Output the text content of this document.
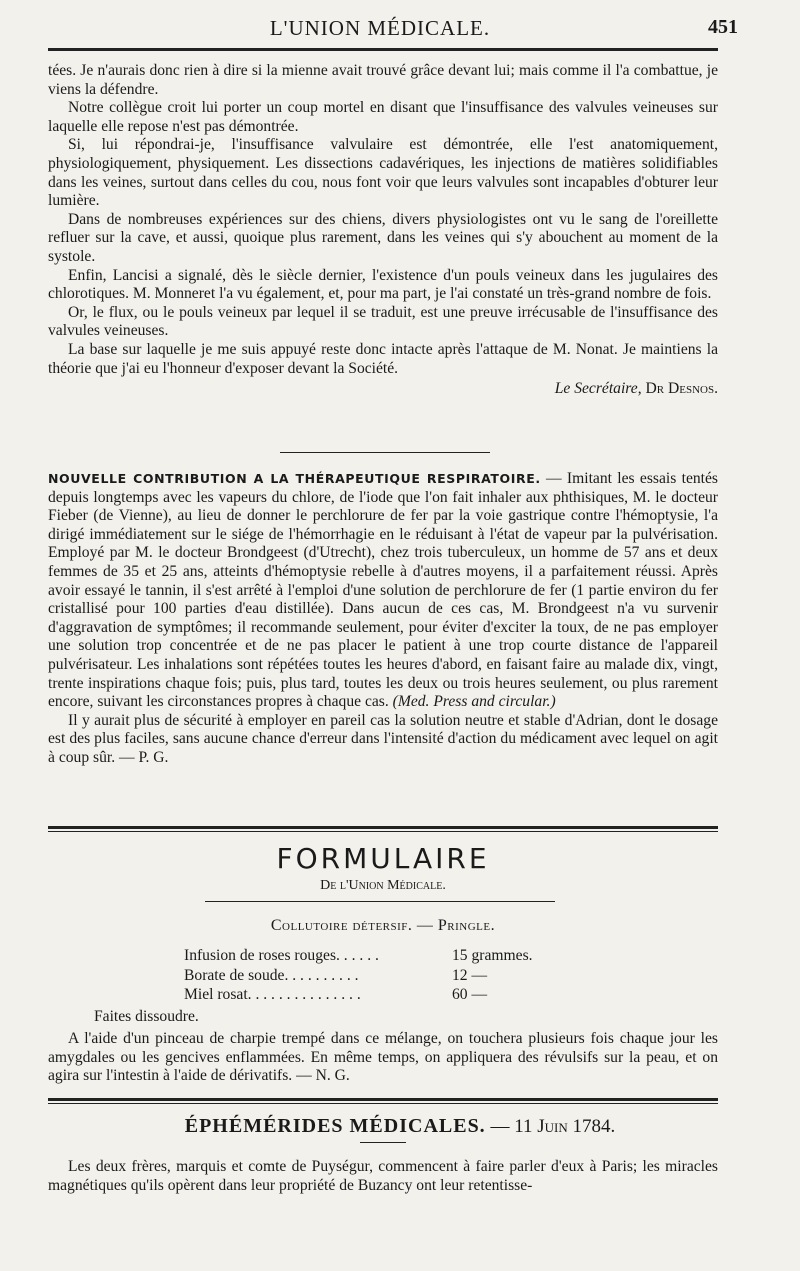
L'UNION MÉDICALE.	451

tées. Je n'aurais donc rien à dire si la mienne avait trouvé grâce devant lui; mais comme il l'a combattue, je viens la défendre.

Notre collègue croit lui porter un coup mortel en disant que l'insuffisance des valvules veineuses sur laquelle elle repose n'est pas démontrée.

Si, lui répondrai-je, l'insuffisance valvulaire est démontrée, elle l'est anatomiquement, physiologiquement, physiquement. Les dissections cadavériques, les injections de matières solidifiables dans les veines, surtout dans celles du cou, nous font voir que leurs valvules sont incapables d'obturer leur lumière.

Dans de nombreuses expériences sur des chiens, divers physiologistes ont vu le sang de l'oreillette refluer sur la cave, et aussi, quoique plus rarement, dans les veines qui s'y abouchent au moment de la systole.

Enfin, Lancisi a signalé, dès le siècle dernier, l'existence d'un pouls veineux dans les jugulaires des chlorotiques. M. Monneret l'a vu également, et, pour ma part, je l'ai constaté un très-grand nombre de fois.

Or, le flux, ou le pouls veineux par lequel il se traduit, est une preuve irrécusable de l'insuffisance des valvules veineuses.

La base sur laquelle je me suis appuyé reste donc intacte après l'attaque de M. Nonat. Je maintiens la théorie que j'ai eu l'honneur d'exposer devant la Société.

Le Secrétaire, Dr Desnos.

NOUVELLE CONTRIBUTION A LA THÉRAPEUTIQUE RESPIRATOIRE. — Imitant les essais tentés depuis longtemps avec les vapeurs du chlore, de l'iode que l'on fait inhaler aux phthisiques, M. le docteur Fieber (de Vienne), au lieu de donner le perchlorure de fer par la voie gastrique contre l'hémoptysie, l'a dirigé immédiatement sur le siége de l'hémorrhagie en le réduisant à l'état de vapeur par la pulvérisation. Employé par M. le docteur Brondgeest (d'Utrecht), chez trois tuberculeux, un homme de 57 ans et deux femmes de 35 et 25 ans, atteints d'hémoptysie rebelle à d'autres moyens, il a parfaitement réussi. Après avoir essayé le tannin, il s'est arrêté à l'emploi d'une solution de perchlorure de fer (1 partie environ du fer cristallisé pour 100 parties d'eau distillée). Dans aucun de ces cas, M. Brondgeest n'a vu survenir d'aggravation de symptômes; il recommande seulement, pour éviter d'exciter la toux, de ne pas employer une solution trop concentrée et de ne pas placer le patient à une trop courte distance de l'appareil pulvérisateur. Les inhalations sont répétées toutes les heures d'abord, en faisant faire au malade dix, vingt, trente inspirations chaque fois; puis, plus tard, toutes les deux ou trois heures seulement, ou plus rarement encore, suivant les circonstances propres à chaque cas. (Med. Press and circular.)

Il y aurait plus de sécurité à employer en pareil cas la solution neutre et stable d'Adrian, dont le dosage est des plus faciles, sans aucune chance d'erreur dans l'intensité d'action du médicament avec lequel on agit à coup sûr. — P. G.

FORMULAIRE
De l'Union Médicale.
Collutoire détersif. — Pringle.
Infusion de roses rouges. . . . . .	15 grammes.
Borate de soude. . . . . . . . . .	12 —
Miel rosat. . . . . . . . . . . . . . .	60 —
Faites dissoudre.

A l'aide d'un pinceau de charpie trempé dans ce mélange, on touchera plusieurs fois chaque jour les amygdales ou les gencives enflammées. En même temps, on appliquera des révulsifs sur la peau, et on agira sur l'intestin à l'aide de dérivatifs. — N. G.

ÉPHÉMÉRIDES MÉDICALES. — 11 Juin 1784.

Les deux frères, marquis et comte de Puységur, commencent à faire parler d'eux à Paris; les miracles magnétiques qu'ils opèrent dans leur propriété de Buzancy ont leur retentisse-
